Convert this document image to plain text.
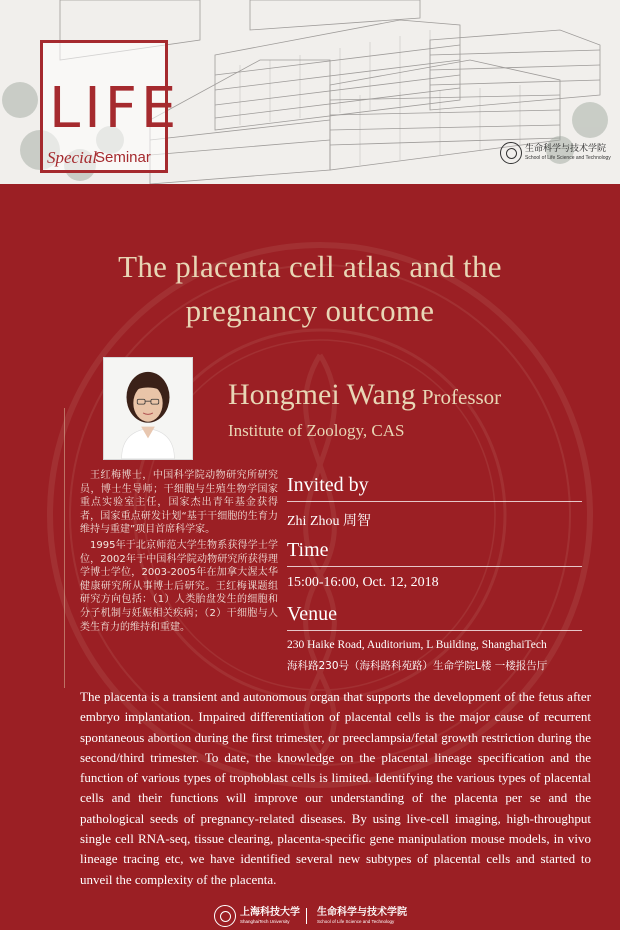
LIFE
Special
Seminar	生命科学与技术学院
School of Life Science and Technology
The placenta cell atlas and the
pregnancy outcome
Hongmei Wang Professor
Institute of Zoology, CAS

王红梅博士，中国科学院动物研究所研究员，博士生导师；干细胞与生殖生物学国家重点实验室主任，国家杰出青年基金获得者，国家重点研发计划“基于干细胞的生育力维持与重建”项目首席科学家。

1995年于北京师范大学生物系获得学士学位，2002年于中国科学院动物研究所获得理学博士学位，2003-2005年在加拿大渥太华健康研究所从事博士后研究。王红梅课题组研究方向包括：（1）人类胎盘发生的细胞和分子机制与妊娠相关疾病；（2）干细胞与人类生育力的维持和重建。

Invited by
Zhi Zhou 周智
Time
15:00-16:00, Oct. 12, 2018
Venue
230 Haike Road, Auditorium, L Building, ShanghaiTech
海科路230号（海科路科苑路）生命学院L楼 一楼报告厅
The placenta is a transient and autonomous organ that supports the development of the fetus after embryo implantation. Impaired differentiation of placental cells is the major cause of recurrent spontaneous abortion during the first trimester, or preeclampsia/fetal growth restriction during the second/third trimester. To date, the knowledge on the placental lineage specification and the function of various types of trophoblast cells is limited. Identifying the various types of placental cells and their functions will improve our understanding of the placenta per se and the pathological seeds of pregnancy-related diseases. By using live-cell imaging, high-throughput single cell RNA-seq, tissue clearing, placenta-specific gene manipulation mouse models, in vivo lineage tracing etc, we have identified several new subtypes of placental cells and started to unveil the complexity of the placenta.
上海科技大学
ShanghaiTech University
生命科学与技术学院
School of Life Science and Technology
